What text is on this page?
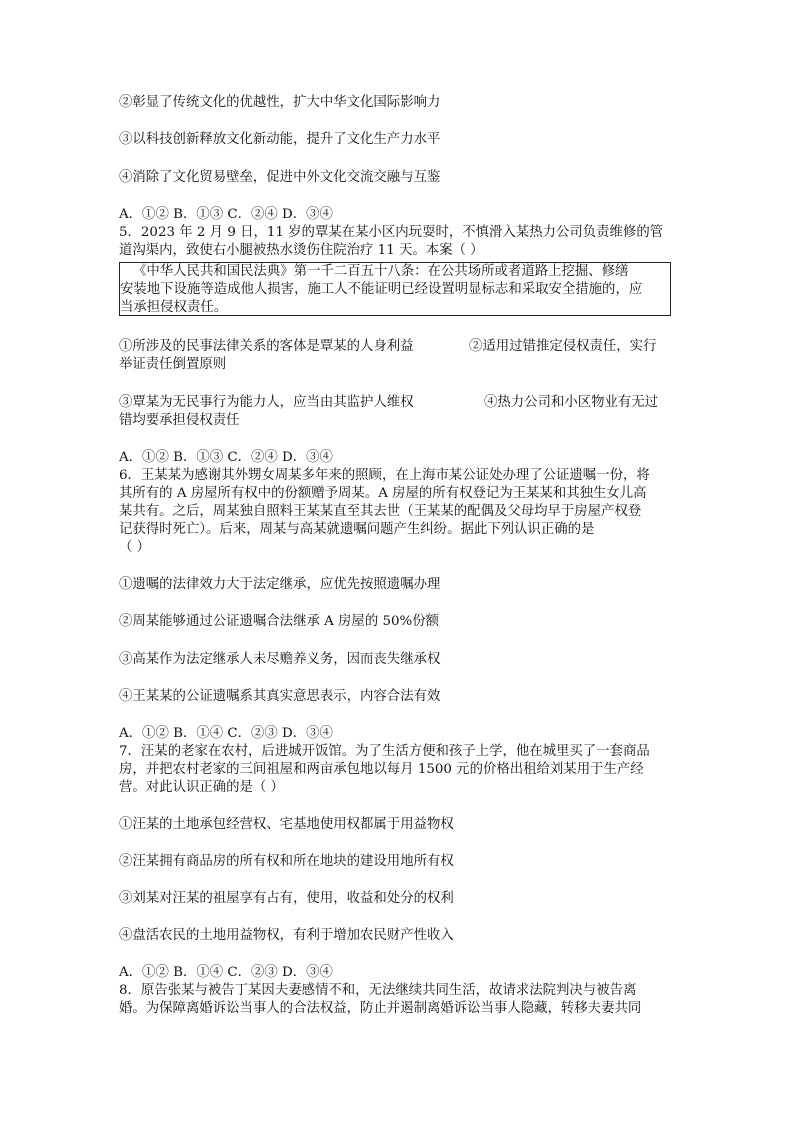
②彰显了传统文化的优越性，扩大中华文化国际影响力
③以科技创新释放文化新动能，提升了文化生产力水平
④消除了文化贸易壁垒，促进中外文化交流交融与互鉴
A．①② B．①③ C．②④ D．③④
5．2023 年 2 月 9 日，11 岁的覃某在某小区内玩耍时，不慎滑入某热力公司负责维修的管
道沟渠内，致使右小腿被热水烫伤住院治疗 11 天。本案（ ）
《中华人民共和国民法典》第一千二百五十八条：在公共场所或者道路上挖掘、修缮
安装地下设施等造成他人损害，施工人不能证明已经设置明显标志和采取安全措施的，应
当承担侵权责任。
①所涉及的民事法律关系的客体是覃某的人身利益	②适用过错推定侵权责任，实行
举证责任倒置原则
③覃某为无民事行为能力人，应当由其监护人维权	④热力公司和小区物业有无过
错均要承担侵权责任
A．①② B．①③ C．②④ D．③④
6．王某某为感谢其外甥女周某多年来的照顾，在上海市某公证处办理了公证遗嘱一份，将
其所有的 A 房屋所有权中的份额赠予周某。A 房屋的所有权登记为王某某和其独生女儿高
某共有。之后，周某独自照料王某某直至其去世（王某某的配偶及父母均早于房屋产权登
记获得时死亡）。后来，周某与高某就遗嘱问题产生纠纷。据此下列认识正确的是
（ ）
①遗嘱的法律效力大于法定继承，应优先按照遗嘱办理
②周某能够通过公证遗嘱合法继承 A 房屋的 50%份额
③高某作为法定继承人未尽赡养义务，因而丧失继承权
④王某某的公证遗嘱系其真实意思表示，内容合法有效
A．①② B．①④ C．②③ D．③④
7．汪某的老家在农村，后进城开饭馆。为了生活方便和孩子上学，他在城里买了一套商品
房，并把农村老家的三间祖屋和两亩承包地以每月 1500 元的价格出租给刘某用于生产经
营。对此认识正确的是（ ）
①汪某的土地承包经营权、宅基地使用权都属于用益物权
②汪某拥有商品房的所有权和所在地块的建设用地所有权
③刘某对汪某的祖屋享有占有，使用，收益和处分的权利
④盘活农民的土地用益物权，有利于增加农民财产性收入
A．①② B．①④ C．②③ D．③④
8．原告张某与被告丁某因夫妻感情不和，无法继续共同生活，故请求法院判决与被告离
婚。为保障离婚诉讼当事人的合法权益，防止并遏制离婚诉讼当事人隐藏，转移夫妻共同
